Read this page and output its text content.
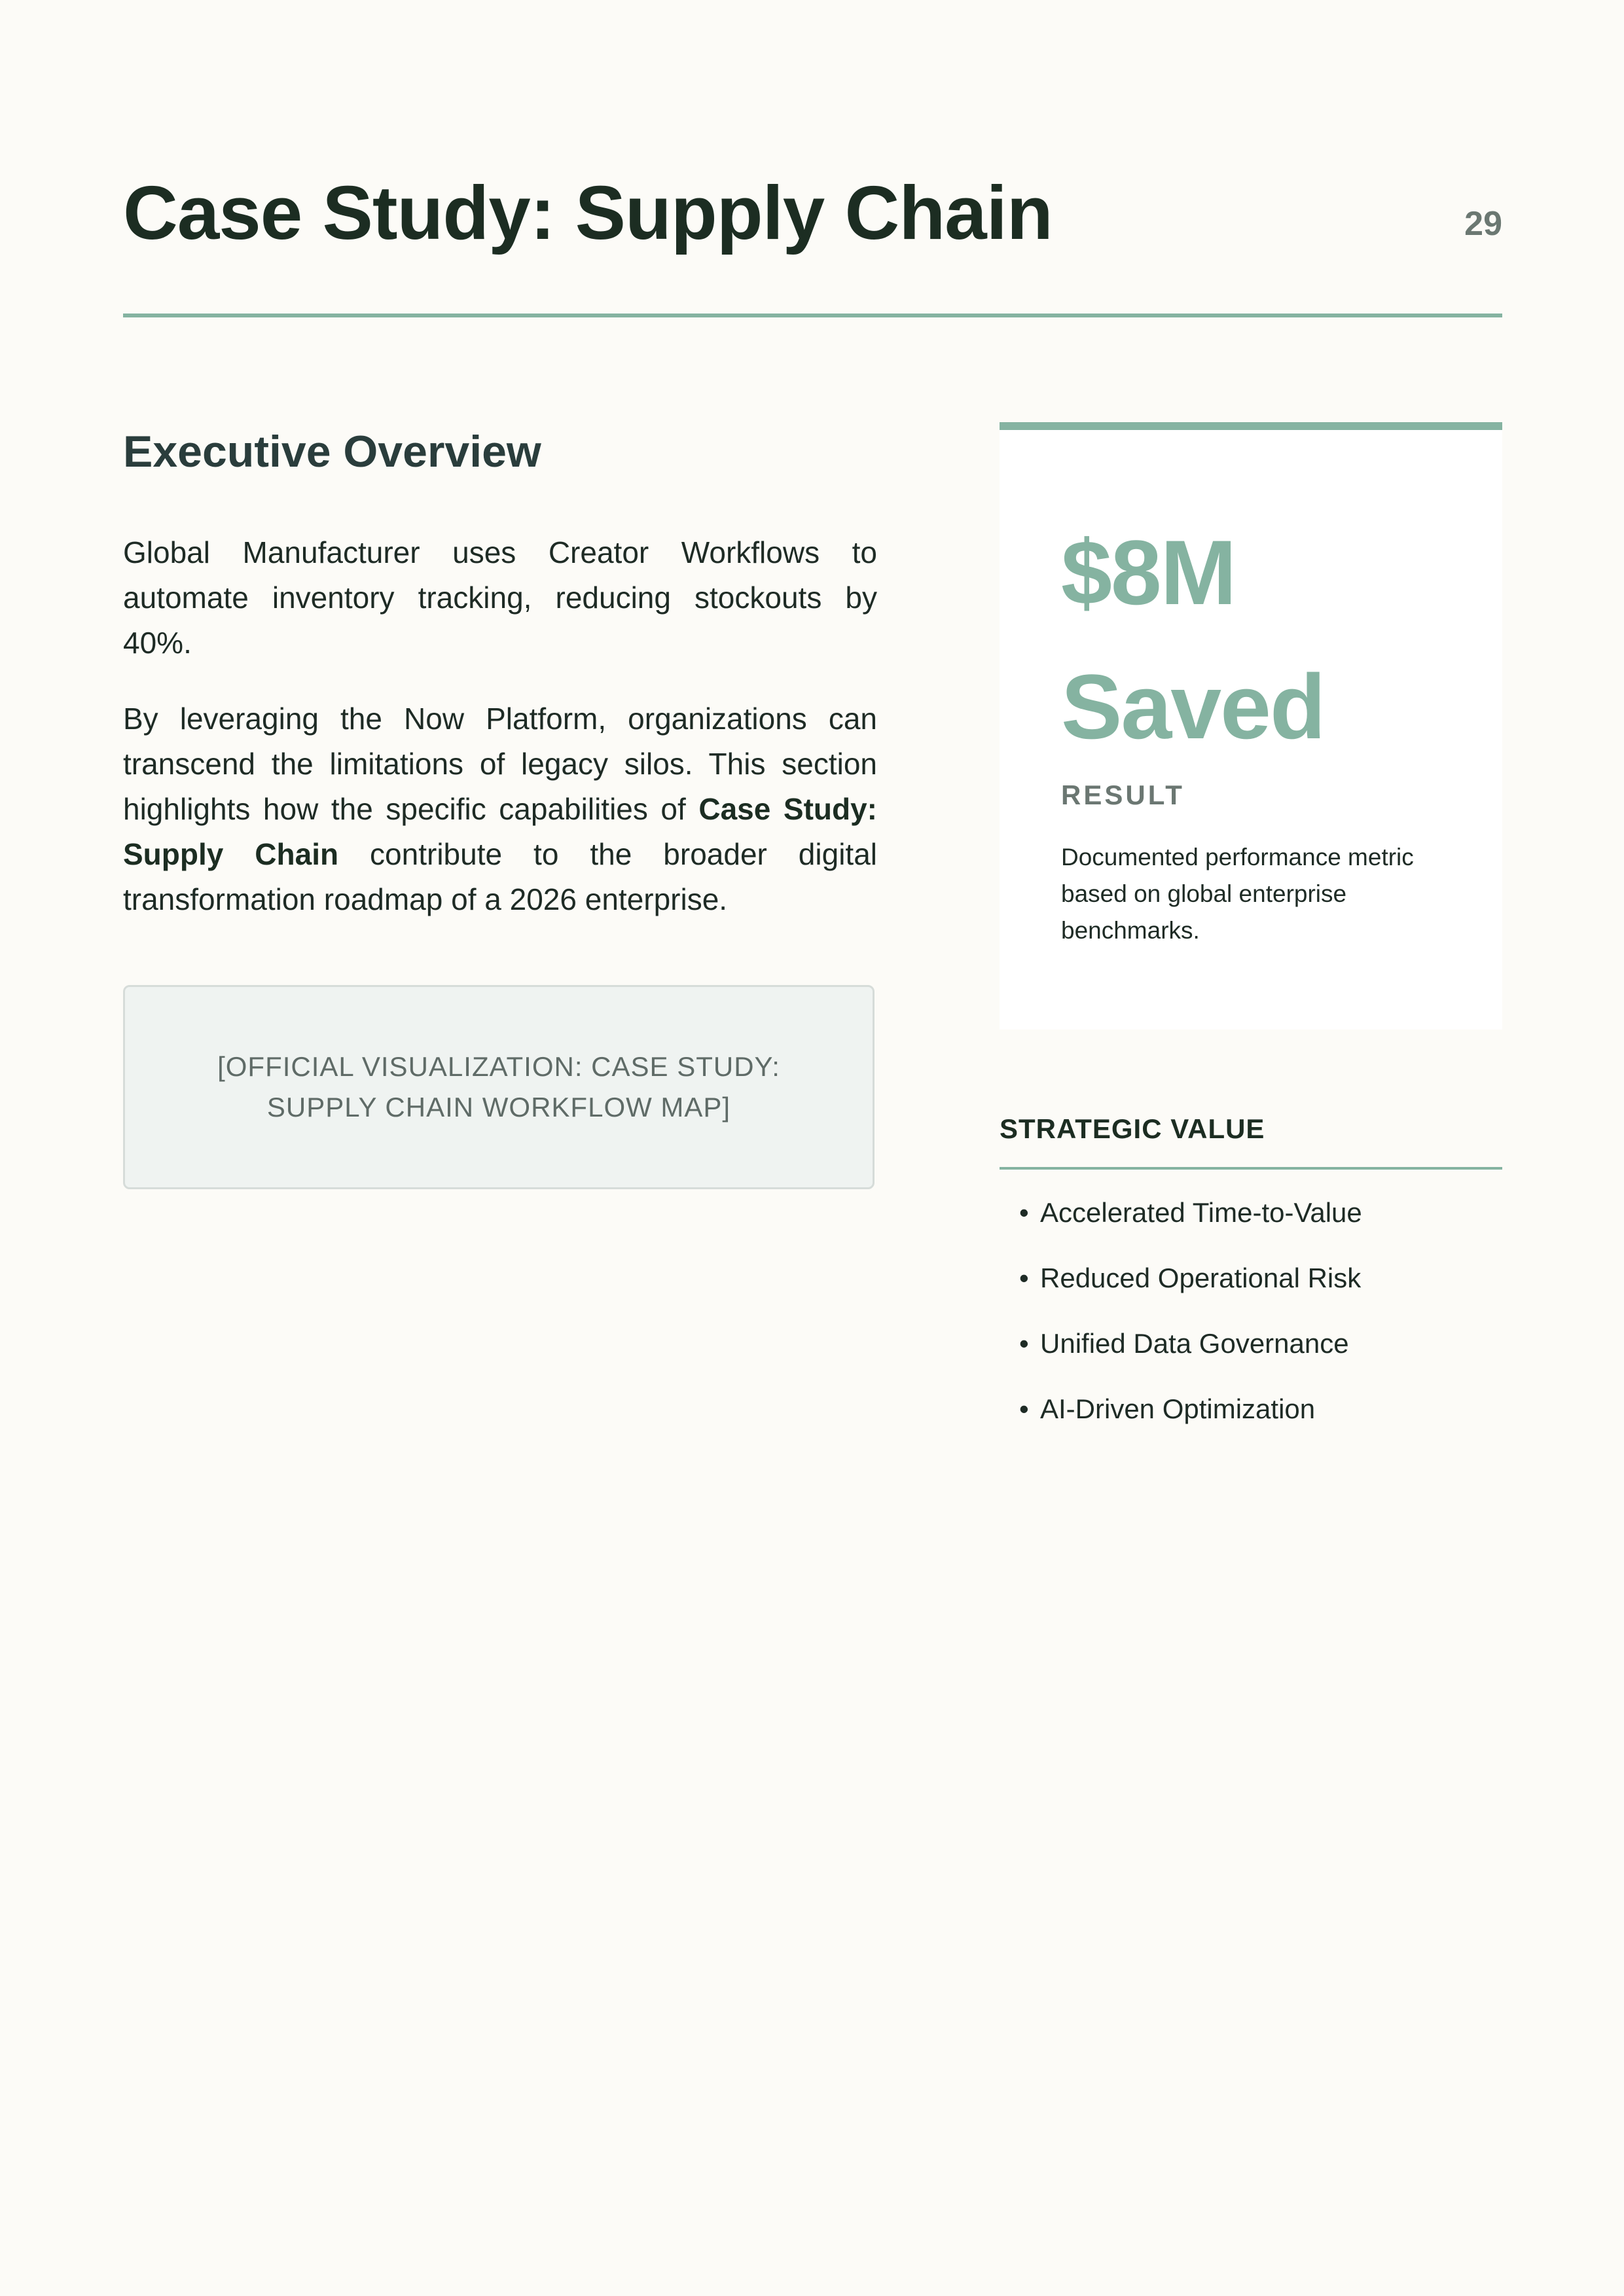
Case Study: Supply Chain	29
Executive Overview

Global Manufacturer uses Creator Workflows to automate inventory tracking, reducing stockouts by 40%.

By leveraging the Now Platform, organizations can transcend the limitations of legacy silos. This section highlights how the specific capabilities of Case Study: Supply Chain contribute to the broader digital transformation roadmap of a 2026 enterprise.

[OFFICIAL VISUALIZATION: CASE STUDY: SUPPLY CHAIN WORKFLOW MAP]
$8M Saved
RESULT
Documented performance metric based on global enterprise benchmarks.
STRATEGIC VALUE
• Accelerated Time-to-Value
• Reduced Operational Risk
• Unified Data Governance
• AI-Driven Optimization
